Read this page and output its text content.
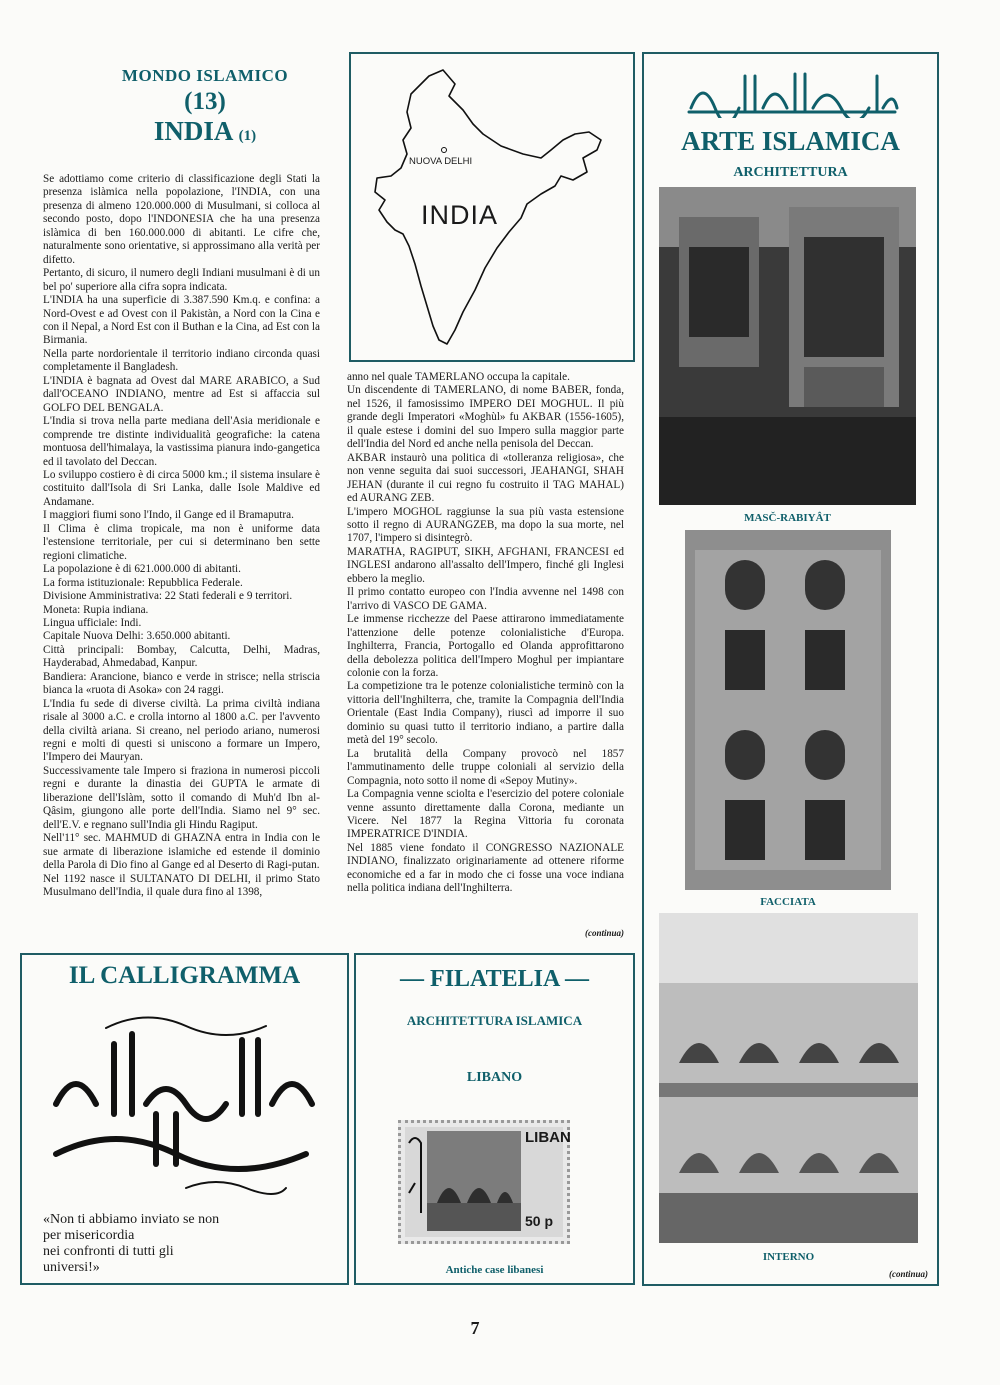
MONDO ISLAMICO
(13)
INDIA (1)

Se adottiamo come criterio di classificazione degli Stati la presenza islàmica nella popolazione, l'INDIA, con una presenza di almeno 120.000.000 di Musulmani, si colloca al secondo posto, dopo l'INDONESIA che ha una presenza islàmica di ben 160.000.000 di abitanti. Le cifre che, naturalmente sono orientative, si approssimano alla verità per difetto.

Pertanto, di sicuro, il numero degli Indiani musulmani è di un bel po' superiore alla cifra sopra indicata.

L'INDIA ha una superficie di 3.387.590 Km.q. e confina: a Nord-Ovest e ad Ovest con il Pakistàn, a Nord con la Cina e con il Nepal, a Nord Est con il Buthan e la Cina, ad Est con la Birmania.

Nella parte nordorientale il territorio indiano circonda quasi completamente il Bangladesh.

L'INDIA è bagnata ad Ovest dal MARE ARABICO, a Sud dall'OCEANO INDIANO, mentre ad Est si affaccia sul GOLFO DEL BENGALA.

L'India si trova nella parte mediana dell'Asia meridionale e comprende tre distinte individualità geografiche: la catena montuosa dell'himalaya, la vastissima pianura indo-gangetica ed il tavolato del Deccan.

Lo sviluppo costiero è di circa 5000 km.; il sistema insulare è costituito dall'Isola di Sri Lanka, dalle Isole Maldive ed Andamane.

I maggiori fiumi sono l'Indo, il Gange ed il Bramaputra.

Il Clima è clima tropicale, ma non è uniforme data l'estensione territoriale, per cui si determinano ben sette regioni climatiche.

La popolazione è di 621.000.000 di abitanti.

La forma istituzionale: Repubblica Federale.

Divisione Amministrativa: 22 Stati federali e 9 territori.

Moneta: Rupia indiana.

Lingua ufficiale: Indi.

Capitale Nuova Delhi: 3.650.000 abitanti.

Città principali: Bombay, Calcutta, Delhi, Madras, Hayderabad, Ahmedabad, Kanpur.

Bandiera: Arancione, bianco e verde in strisce; nella striscia bianca la «ruota di Asoka» con 24 raggi.

L'India fu sede di diverse civiltà. La prima civiltà indiana risale al 3000 a.C. e crolla intorno al 1800 a.C. per l'avvento della civiltà ariana. Si creano, nel periodo ariano, numerosi regni e molti di questi si uniscono a formare un Impero, l'Impero dei Mauryan.

Successivamente tale Impero si fraziona in numerosi piccoli regni e durante la dinastia dei GUPTA le armate di liberazione dell'Islàm, sotto il comando di Muh'd Ibn al-Qâsim, giungono alle porte dell'India. Siamo nel 9° sec. dell'E.V. e regnano sull'India gli Hindu Ragiput.

Nell'11° sec. MAHMUD di GHAZNA entra in India con le sue armate di liberazione islamiche ed estende il dominio della Parola di Dio fino al Gange ed al Deserto di Ragi-putan.

Nel 1192 nasce il SULTANATO DI DELHI, il primo Stato Musulmano dell'India, il quale dura fino al 1398,

NUOVA DELHI
INDIA

anno nel quale TAMERLANO occupa la capitale.

Un discendente di TAMERLANO, di nome BABER, fonda, nel 1526, il famosissimo IMPERO DEI MOGHUL. Il più grande degli Imperatori «Moghùl» fu AKBAR (1556-1605), il quale estese i domini del suo Impero sulla maggior parte dell'India del Nord ed anche nella penisola del Deccan.

AKBAR instaurò una politica di «tolleranza religiosa», che non venne seguita dai suoi successori, JEAHANGI, SHAH JEHAN (durante il cui regno fu costruito il TAG MAHAL) ed AURANG ZEB.

L'impero MOGHOL raggiunse la sua più vasta estensione sotto il regno di AURANGZEB, ma dopo la sua morte, nel 1707, l'impero si disintegrò.

MARATHA, RAGIPUT, SIKH, AFGHANI, FRANCESI ed INGLESI andarono all'assalto dell'Impero, finché gli Inglesi ebbero la meglio.

Il primo contatto europeo con l'India avvenne nel 1498 con l'arrivo di VASCO DE GAMA.

Le immense ricchezze del Paese attirarono immediatamente l'attenzione delle potenze colonialistiche d'Europa. Inghilterra, Francia, Portogallo ed Olanda approfittarono della debolezza politica dell'Impero Moghul per impiantare colonie con la forza.

La competizione tra le potenze colonialistiche terminò con la vittoria dell'Inghilterra, che, tramite la Compagnia dell'India Orientale (East India Company), riuscì ad imporre il suo dominio su quasi tutto il territorio indiano, a partire dalla metà del 19° secolo.

La brutalità della Company provocò nel 1857 l'ammutinamento delle truppe coloniali al servizio della Compagnia, noto sotto il nome di «Sepoy Mutiny».

La Compagnia venne sciolta e l'esercizio del potere coloniale venne assunto direttamente dalla Corona, mediante un Vicere. Nel 1877 la Regina Vittoria fu coronata IMPERATRICE D'INDIA.

Nel 1885 viene fondato il CONGRESSO NAZIONALE INDIANO, finalizzato originariamente ad ottenere riforme economiche ed a far in modo che ci fosse una voce indiana nella politica indiana dell'Inghilterra.

(continua)
ARTE ISLAMICA
ARCHITETTURA
MASČ-RABIYÂT
FACCIATA
INTERNO
(continua)
IL CALLIGRAMMA
«Non ti abbiamo inviato se non
per misericordia
nei confronti di tutti gli
universi!»
— FILATELIA —
ARCHITETTURA ISLAMICA
LIBANO
LIBAN
50 p
Antiche case libanesi
7
